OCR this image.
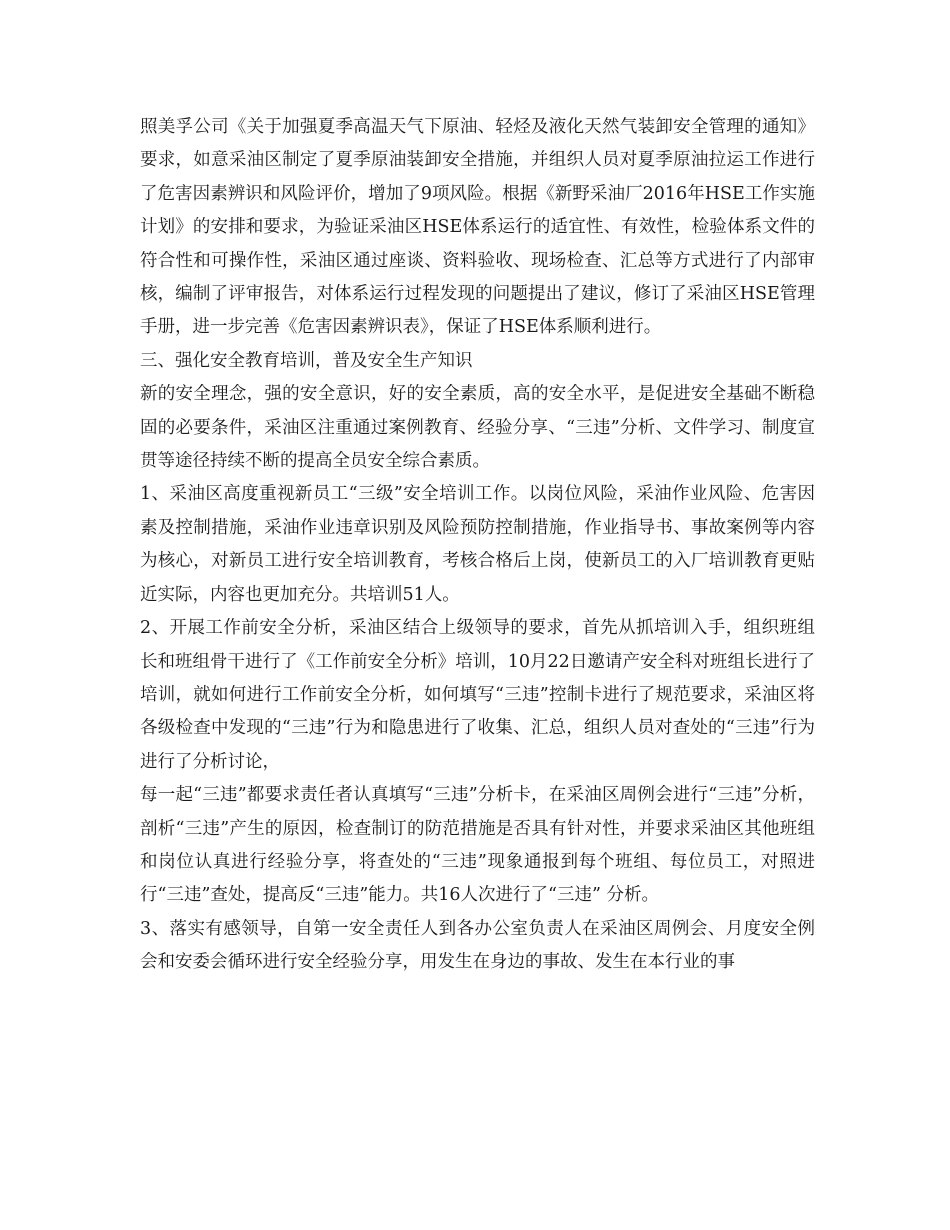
照美孚公司《关于加强夏季高温天气下原油、轻烃及液化天然气装卸安全管理的通知》要求，如意采油区制定了夏季原油装卸安全措施，并组织人员对夏季原油拉运工作进行了危害因素辨识和风险评价，增加了9项风险。根据《新野采油厂2016年HSE工作实施计划》的安排和要求，为验证采油区HSE体系运行的适宜性、有效性，检验体系文件的符合性和可操作性，采油区通过座谈、资料验收、现场检查、汇总等方式进行了内部审核，编制了评审报告，对体系运行过程发现的问题提出了建议，修订了采油区HSE管理手册，进一步完善《危害因素辨识表》，保证了HSE体系顺利进行。

三、强化安全教育培训，普及安全生产知识

新的安全理念，强的安全意识，好的安全素质，高的安全水平，是促进安全基础不断稳固的必要条件，采油区注重通过案例教育、经验分享、“三违”分析、文件学习、制度宣贯等途径持续不断的提高全员安全综合素质。

1、采油区高度重视新员工“三级”安全培训工作。以岗位风险，采油作业风险、危害因素及控制措施，采油作业违章识别及风险预防控制措施，作业指导书、事故案例等内容为核心，对新员工进行安全培训教育，考核合格后上岗，使新员工的入厂培训教育更贴近实际，内容也更加充分。共培训51人。

2、开展工作前安全分析，采油区结合上级领导的要求，首先从抓培训入手，组织班组长和班组骨干进行了《工作前安全分析》培训，10月22日邀请产安全科对班组长进行了培训，就如何进行工作前安全分析，如何填写“三违”控制卡进行了规范要求，采油区将各级检查中发现的“三违”行为和隐患进行了收集、汇总，组织人员对查处的“三违”行为进行了分析讨论，

每一起“三违”都要求责任者认真填写“三违”分析卡，在采油区周例会进行“三违”分析，剖析“三违”产生的原因，检查制订的防范措施是否具有针对性，并要求采油区其他班组和岗位认真进行经验分享，将查处的“三违”现象通报到每个班组、每位员工，对照进行“三违”查处，提高反“三违”能力。共16人次进行了“三违” 分析。

3、落实有感领导，自第一安全责任人到各办公室负责人在采油区周例会、月度安全例会和安委会循环进行安全经验分享，用发生在身边的事故、发生在本行业的事
